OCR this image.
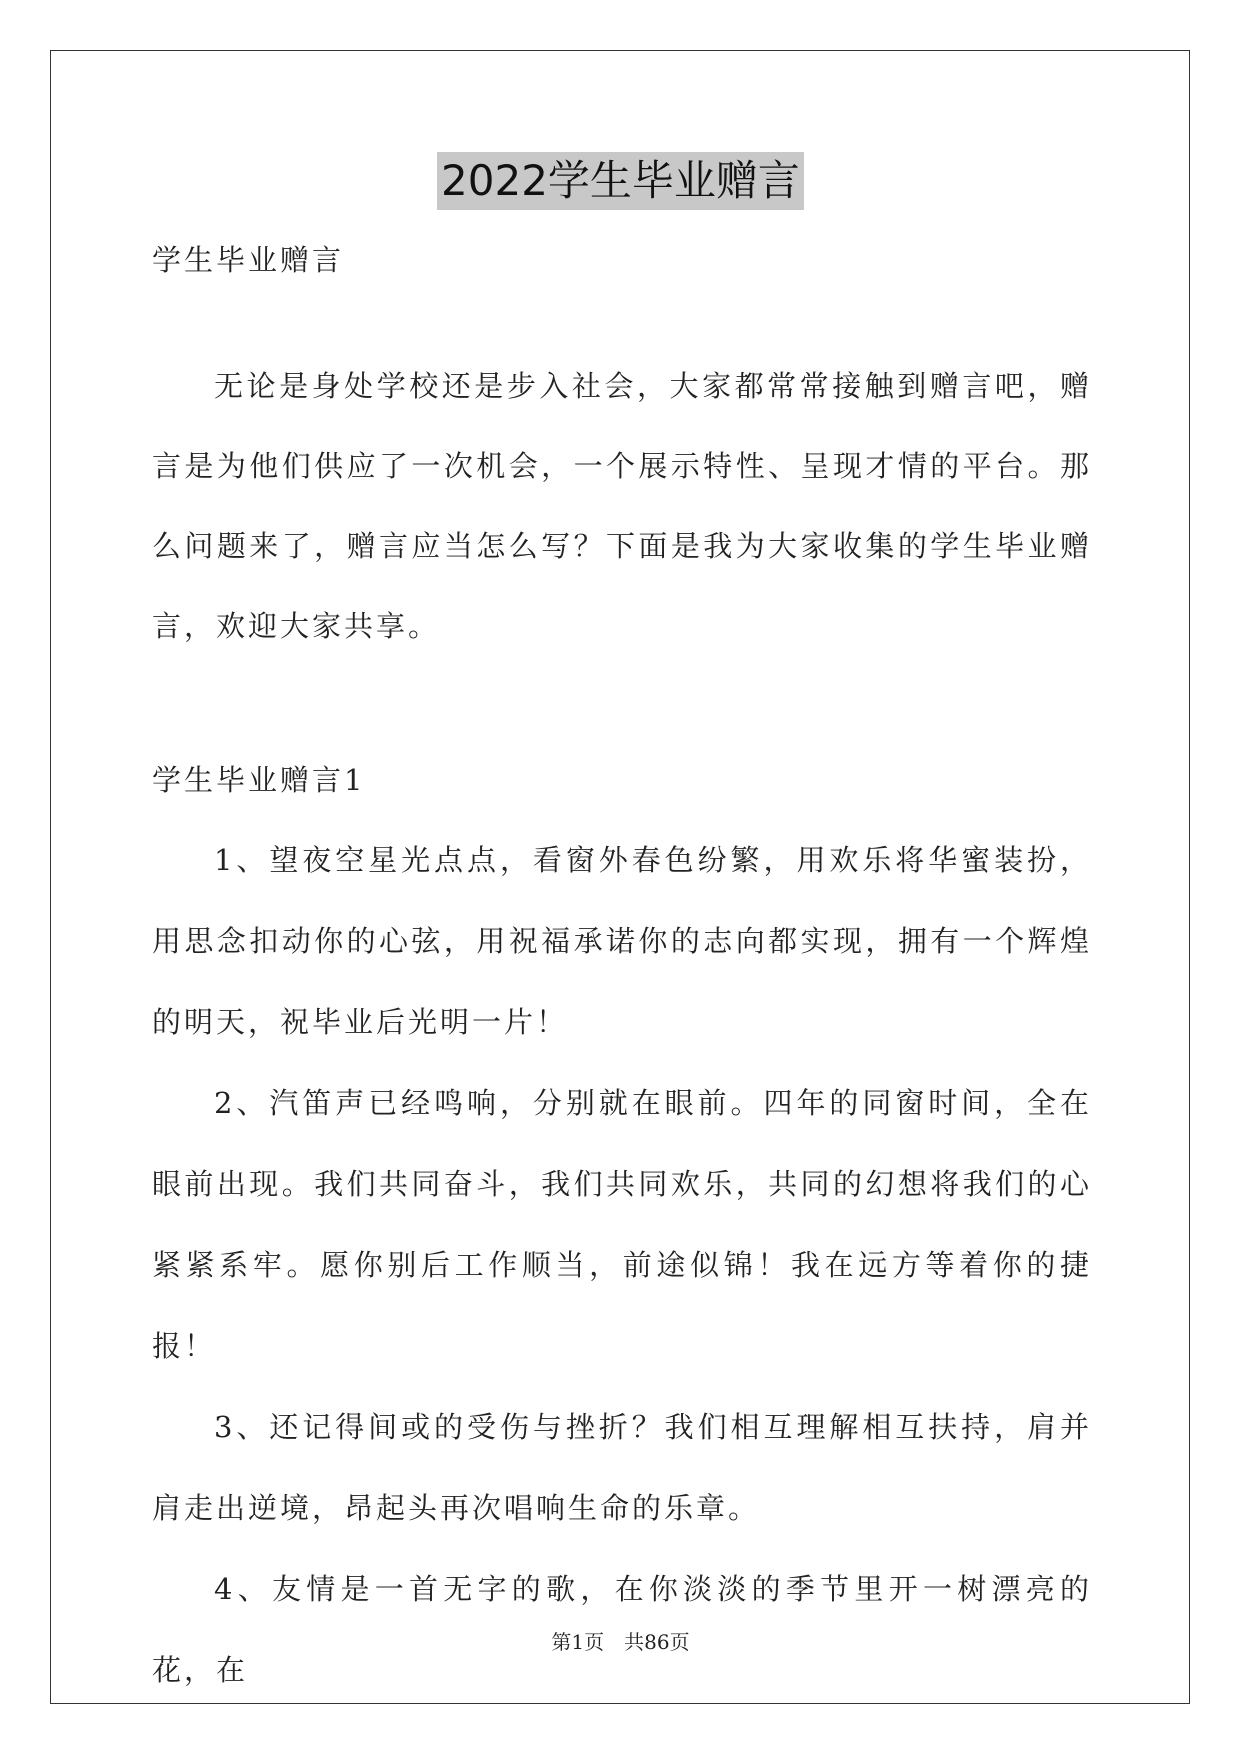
2022学生毕业赠言
学生毕业赠言
无论是身处学校还是步入社会，大家都常常接触到赠言吧，赠言是为他们供应了一次机会，一个展示特性、呈现才情的平台。那么问题来了，赠言应当怎么写？下面是我为大家收集的学生毕业赠言，欢迎大家共享。
学生毕业赠言1

1、望夜空星光点点，看窗外春色纷繁，用欢乐将华蜜装扮，用思念扣动你的心弦，用祝福承诺你的志向都实现，拥有一个辉煌的明天，祝毕业后光明一片！

2、汽笛声已经鸣响，分别就在眼前。四年的同窗时间，全在眼前出现。我们共同奋斗，我们共同欢乐，共同的幻想将我们的心紧紧系牢。愿你别后工作顺当，前途似锦！我在远方等着你的捷报！

3、还记得间或的受伤与挫折？我们相互理解相互扶持，肩并肩走出逆境，昂起头再次唱响生命的乐章。

4、友情是一首无字的歌，在你淡淡的季节里开一树漂亮的花，在

第1页 共86页
